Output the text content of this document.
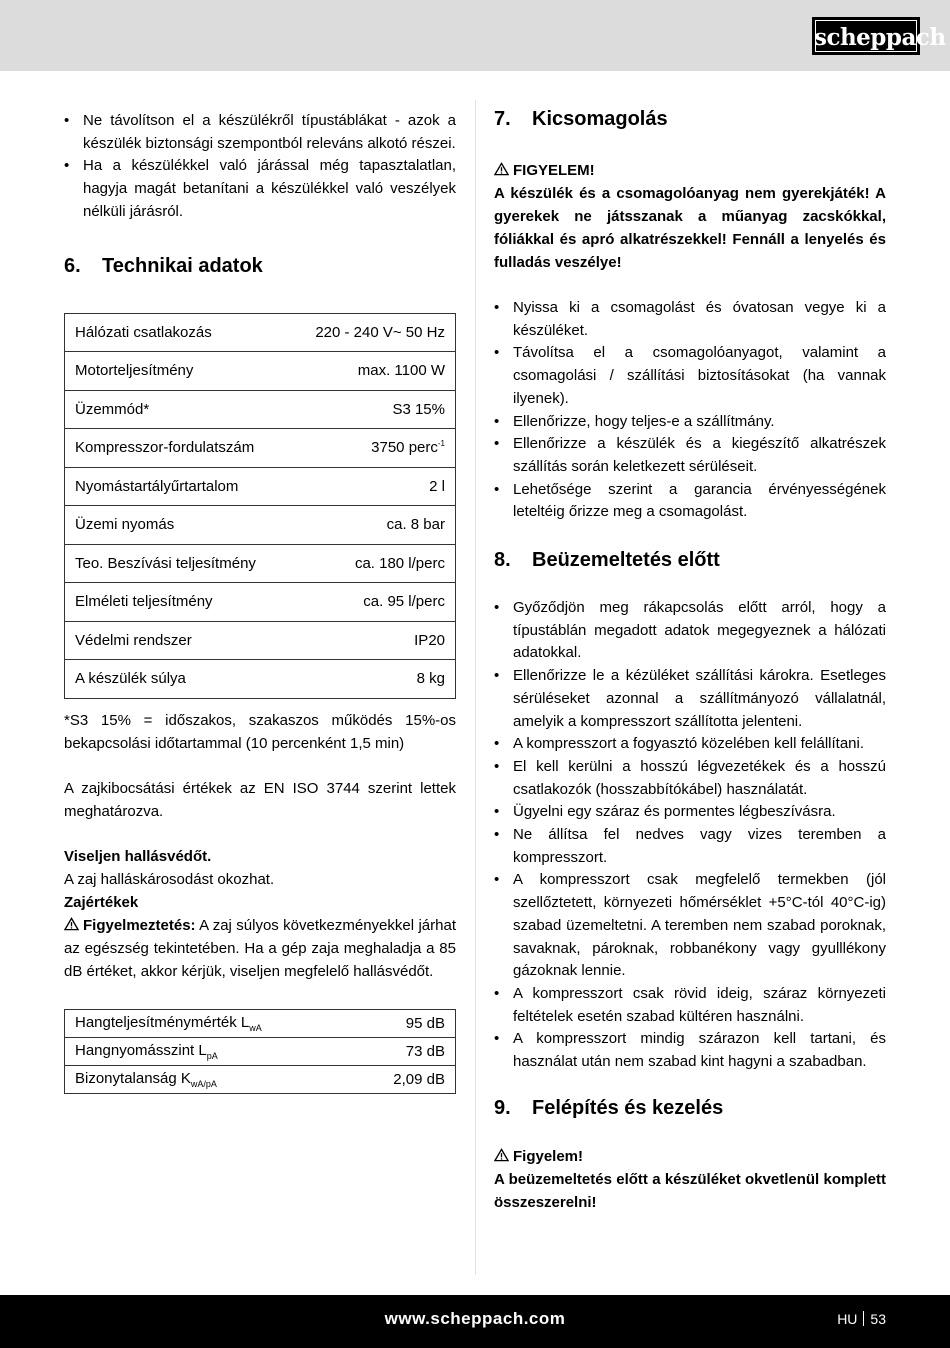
scheppach
• Ne távolítson el a készülékről típustáblákat - azok a készülék biztonsági szempontból releváns alkotó részei.
• Ha a készülékkel való járással még tapasztalatlan, hagyja magát betanítani a készülékkel való veszélyek nélküli járásról.
6. Technikai adatok
Hálózati csatlakozás	220 - 240 V~ 50 Hz
Motorteljesítmény	max. 1100 W
Üzemmód*	S3 15%
Kompresszor-fordulatszám	3750 perc$^{-1}$
Nyomástartályűrtartalom	2 l
Üzemi nyomás	ca. 8 bar
Teo. Beszívási teljesítmény	ca. 180 l/perc
Elméleti teljesítmény	ca. 95 l/perc
Védelmi rendszer	IP20
A készülék súlya	8 kg

*S3 15% = időszakos, szakaszos működés 15%-os bekapcsolási időtartammal (10 percenként 1,5 min)

A zajkibocsátási értékek az EN ISO 3744 szerint lettek meghatározva.

Viseljen hallásvédőt.

A zaj halláskárosodást okozhat.

Zajértékek

Figyelmeztetés: A zaj súlyos következményekkel járhat az egészség tekintetében. Ha a gép zaja meghaladja a 85 dB értéket, akkor kérjük, viseljen megfelelő hallásvédőt.

Hangteljesítménymérték $L_{wA}$	95 dB
Hangnyomásszint $L_{pA}$	73 dB
Bizonytalanság $K_{wA/pA}$	2,09 dB
7. Kicsomagolás

FIGYELEM!

A készülék és a csomagolóanyag nem gyerekjáték! A gyerekek ne játsszanak a műanyag zacskókkal, fóliákkal és apró alkatrészekkel! Fennáll a lenyelés és fulladás veszélye!

• Nyissa ki a csomagolást és óvatosan vegye ki a készüléket.
• Távolítsa el a csomagolóanyagot, valamint a csomagolási / szállítási biztosításokat (ha vannak ilyenek).
• Ellenőrizze, hogy teljes-e a szállítmány.
• Ellenőrizze a készülék és a kiegészítő alkatrészek szállítás során keletkezett sérüléseit.
• Lehetősége szerint a garancia érvényességének leteltéig őrizze meg a csomagolást.
8. Beüzemeltetés előtt
• Győződjön meg rákapcsolás előtt arról, hogy a típustáblán megadott adatok megegyeznek a hálózati adatokkal.
• Ellenőrizze le a kézüléket szállítási károkra. Esetleges sérüléseket azonnal a szállítmányozó vállalatnál, amelyik a kompresszort szállította jelenteni.
• A kompresszort a fogyasztó közelében kell felállítani.
• El kell kerülni a hosszú légvezetékek és a hosszú csatlakozók (hosszabbítókábel) használatát.
• Ügyelni egy száraz és pormentes légbeszívásra.
• Ne állítsa fel nedves vagy vizes teremben a kompresszort.
• A kompresszort csak megfelelő termekben (jól szellőztetett, környezeti hőmérséklet +5°C-tól 40°C-ig) szabad üzemeltetni. A teremben nem szabad poroknak, savaknak, pároknak, robbanékony vagy gyulllékony gázoknak lennie.
• A kompresszort csak rövid ideig, száraz környezeti feltételek esetén szabad kültéren használni.
• A kompresszort mindig szárazon kell tartani, és használat után nem szabad kint hagyni a szabadban.
9. Felépítés és kezelés

Figyelem!

A beüzemeltetés előtt a készüléket okvetlenül komplett összeszerelni!

www.scheppach.com	HU 53
